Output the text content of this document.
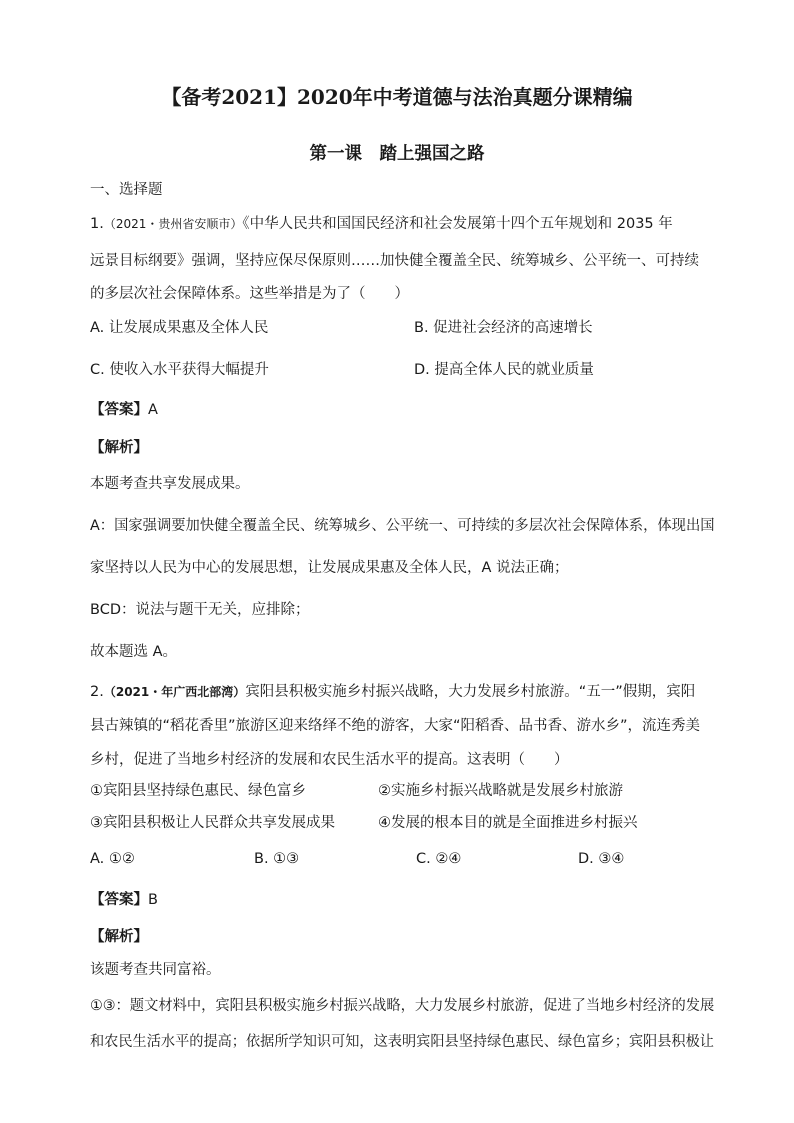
【备考2021】2020年中考道德与法治真题分课精编
第一课　踏上强国之路
一、选择题
1.（2021・贵州省安顺市）《中华人民共和国国民经济和社会发展第十四个五年规划和 2035 年
远景目标纲要》强调，坚持应保尽保原则……加快健全覆盖全民、统筹城乡、公平统一、可持续
的多层次社会保障体系。这些举措是为了（　　）
A. 让发展成果惠及全体人民	B. 促进社会经济的高速增长
C. 使收入水平获得大幅提升	D. 提高全体人民的就业质量
【答案】A
【解析】
本题考查共享发展成果。
A：国家强调要加快健全覆盖全民、统筹城乡、公平统一、可持续的多层次社会保障体系，体现出国
家坚持以人民为中心的发展思想，让发展成果惠及全体人民，A 说法正确；
BCD：说法与题干无关，应排除；
故本题选 A。
2.（2021・年广西北部湾）宾阳县积极实施乡村振兴战略，大力发展乡村旅游。“五一”假期，宾阳
县古辣镇的“稻花香里”旅游区迎来络绎不绝的游客，大家“阳稻香、品书香、游水乡”，流连秀美
乡村，促进了当地乡村经济的发展和农民生活水平的提高。这表明（　　）
①宾阳县坚持绿色惠民、绿色富乡	②实施乡村振兴战略就是发展乡村旅游
③宾阳县积极让人民群众共享发展成果	④发展的根本目的就是全面推进乡村振兴
A. ①②	B. ①③	C. ②④	D. ③④
【答案】B
【解析】
该题考查共同富裕。
①③：题文材料中，宾阳县积极实施乡村振兴战略，大力发展乡村旅游，促进了当地乡村经济的发展
和农民生活水平的提高；依据所学知识可知，这表明宾阳县坚持绿色惠民、绿色富乡；宾阳县积极让
